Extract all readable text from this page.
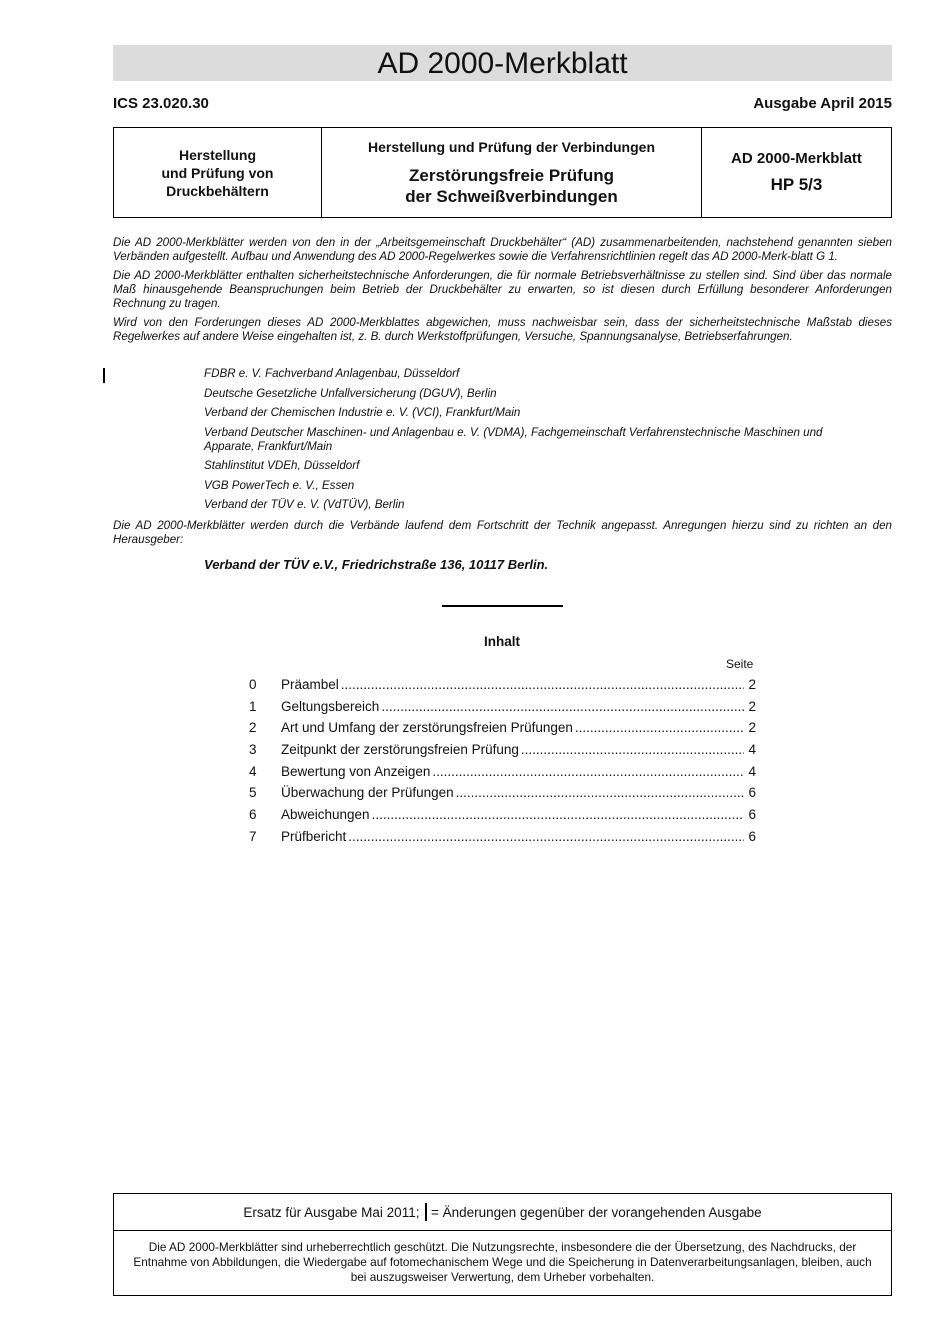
AD 2000-Merkblatt
ICS 23.020.30	Ausgabe April 2015
Herstellung
und Prüfung von
Druckbehältern
Herstellung und Prüfung der Verbindungen
Zerstörungsfreie Prüfung
der Schweißverbindungen
AD 2000-Merkblatt
HP 5/3

Die AD 2000-Merkblätter werden von den in der „Arbeitsgemeinschaft Druckbehälter“ (AD) zusammenarbeitenden, nachstehend genannten sieben Verbänden aufgestellt. Aufbau und Anwendung des AD 2000-Regelwerkes sowie die Verfahrensrichtlinien regelt das AD 2000-Merk-blatt G 1.

Die AD 2000-Merkblätter enthalten sicherheitstechnische Anforderungen, die für normale Betriebsverhältnisse zu stellen sind. Sind über das normale Maß hinausgehende Beanspruchungen beim Betrieb der Druckbehälter zu erwarten, so ist diesen durch Erfüllung besonderer Anforderungen Rechnung zu tragen.

Wird von den Forderungen dieses AD 2000-Merkblattes abgewichen, muss nachweisbar sein, dass der sicherheitstechnische Maßstab dieses Regelwerkes auf andere Weise eingehalten ist, z. B. durch Werkstoffprüfungen, Versuche, Spannungsanalyse, Betriebserfahrungen.

FDBR e. V. Fachverband Anlagenbau, Düsseldorf
Deutsche Gesetzliche Unfallversicherung (DGUV), Berlin
Verband der Chemischen Industrie e. V. (VCI), Frankfurt/Main
Verband Deutscher Maschinen- und Anlagenbau e. V. (VDMA), Fachgemeinschaft Verfahrenstechnische Maschinen und Apparate, Frankfurt/Main
Stahlinstitut VDEh, Düsseldorf
VGB PowerTech e. V., Essen
Verband der TÜV e. V. (VdTÜV), Berlin
Die AD 2000-Merkblätter werden durch die Verbände laufend dem Fortschritt der Technik angepasst. Anregungen hierzu sind zu richten an den Herausgeber:
Verband der TÜV e.V., Friedrichstraße 136, 10117 Berlin.
Inhalt
Seite
0	Präambel .....	2
1	Geltungsbereich .....	2
2	Art und Umfang der zerstörungsfreien Prüfungen .....	2
3	Zeitpunkt der zerstörungsfreien Prüfung .....	4
4	Bewertung von Anzeigen .....	4
5	Überwachung der Prüfungen .....	6
6	Abweichungen .....	6
7	Prüfbericht .....	6
Ersatz für Ausgabe Mai 2011; = Änderungen gegenüber der vorangehenden Ausgabe
Die AD 2000-Merkblätter sind urheberrechtlich geschützt. Die Nutzungsrechte, insbesondere die der Übersetzung, des Nachdrucks, der Entnahme von Abbildungen, die Wiedergabe auf fotomechanischem Wege und die Speicherung in Datenverarbeitungsanlagen, bleiben, auch bei auszugsweiser Verwertung, dem Urheber vorbehalten.
